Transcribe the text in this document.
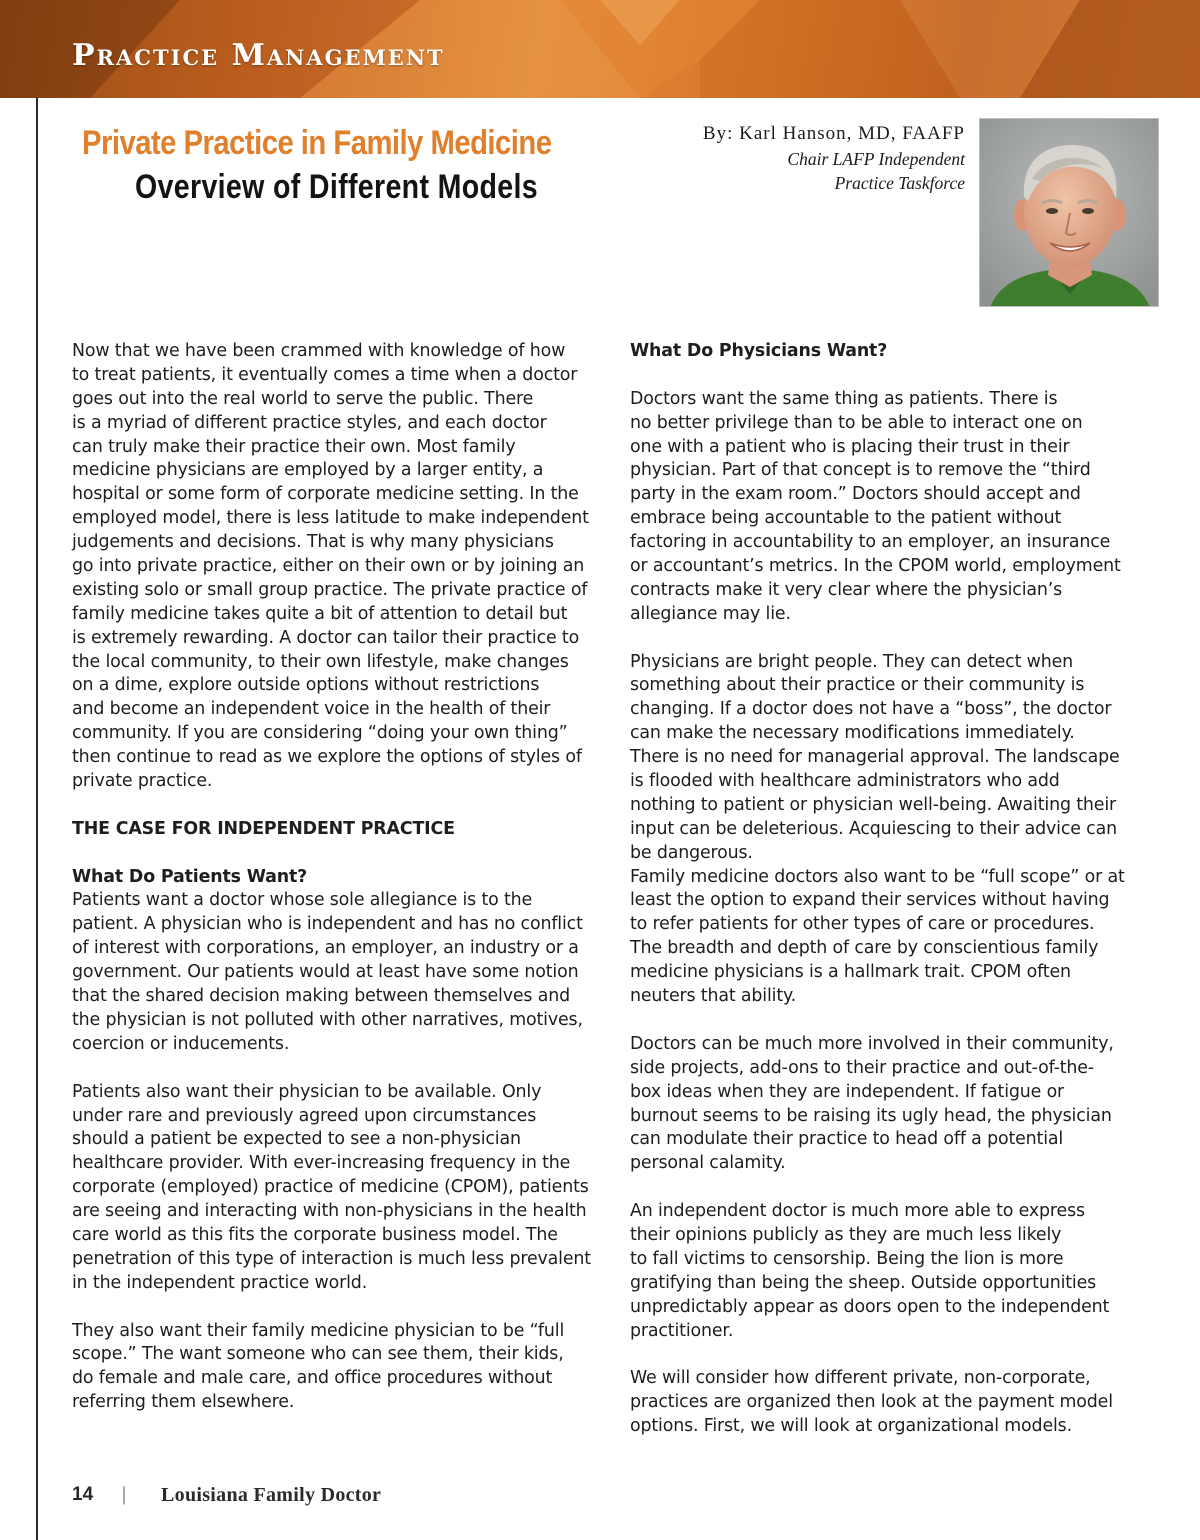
Practice Management
Private Practice in Family Medicine
Overview of Different Models
By: Karl Hanson, MD, FAAFP
Chair LAFP Independent
Practice Taskforce
Now that we have been crammed with knowledge of how
to treat patients, it eventually comes a time when a doctor
goes out into the real world to serve the public. There
is a myriad of different practice styles, and each doctor
can truly make their practice their own. Most family
medicine physicians are employed by a larger entity, a
hospital or some form of corporate medicine setting. In the
employed model, there is less latitude to make independent
judgements and decisions. That is why many physicians
go into private practice, either on their own or by joining an
existing solo or small group practice. The private practice of
family medicine takes quite a bit of attention to detail but
is extremely rewarding. A doctor can tailor their practice to
the local community, to their own lifestyle, make changes
on a dime, explore outside options without restrictions
and become an independent voice in the health of their
community. If you are considering “doing your own thing”
then continue to read as we explore the options of styles of
private practice.
THE CASE FOR INDEPENDENT PRACTICE
What Do Patients Want?
Patients want a doctor whose sole allegiance is to the
patient. A physician who is independent and has no conflict
of interest with corporations, an employer, an industry or a
government. Our patients would at least have some notion
that the shared decision making between themselves and
the physician is not polluted with other narratives, motives,
coercion or inducements.
Patients also want their physician to be available. Only
under rare and previously agreed upon circumstances
should a patient be expected to see a non-physician
healthcare provider. With ever-increasing frequency in the
corporate (employed) practice of medicine (CPOM), patients
are seeing and interacting with non-physicians in the health
care world as this fits the corporate business model. The
penetration of this type of interaction is much less prevalent
in the independent practice world.
They also want their family medicine physician to be “full
scope.” The want someone who can see them, their kids,
do female and male care, and office procedures without
referring them elsewhere.
What Do Physicians Want?
Doctors want the same thing as patients. There is
no better privilege than to be able to interact one on
one with a patient who is placing their trust in their
physician. Part of that concept is to remove the “third
party in the exam room.” Doctors should accept and
embrace being accountable to the patient without
factoring in accountability to an employer, an insurance
or accountant’s metrics. In the CPOM world, employment
contracts make it very clear where the physician’s
allegiance may lie.
Physicians are bright people. They can detect when
something about their practice or their community is
changing. If a doctor does not have a “boss”, the doctor
can make the necessary modifications immediately.
There is no need for managerial approval. The landscape
is flooded with healthcare administrators who add
nothing to patient or physician well-being. Awaiting their
input can be deleterious. Acquiescing to their advice can
be dangerous.
Family medicine doctors also want to be “full scope” or at
least the option to expand their services without having
to refer patients for other types of care or procedures.
The breadth and depth of care by conscientious family
medicine physicians is a hallmark trait. CPOM often
neuters that ability.
Doctors can be much more involved in their community,
side projects, add-ons to their practice and out-of-the-
box ideas when they are independent. If fatigue or
burnout seems to be raising its ugly head, the physician
can modulate their practice to head off a potential
personal calamity.
An independent doctor is much more able to express
their opinions publicly as they are much less likely
to fall victims to censorship. Being the lion is more
gratifying than being the sheep. Outside opportunities
unpredictably appear as doors open to the independent
practitioner.
We will consider how different private, non-corporate,
practices are organized then look at the payment model
options. First, we will look at organizational models.
14 | Louisiana Family Doctor
